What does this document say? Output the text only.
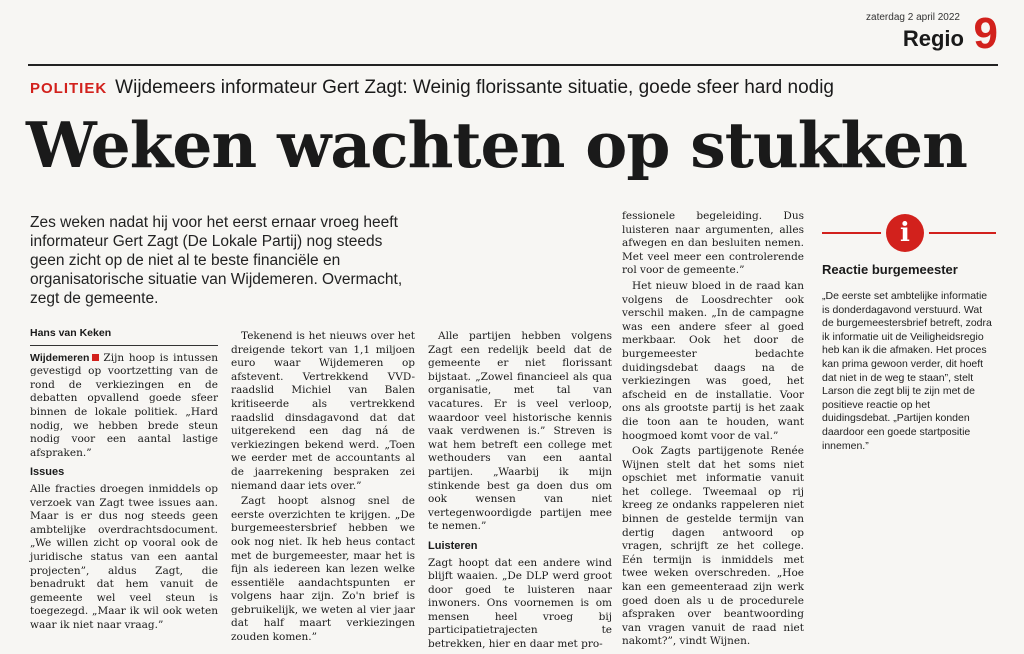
zaterdag 2 april 2022
Regio 9
POLITIEK Wijdemeers informateur Gert Zagt: Weinig florissante situatie, goede sfeer hard nodig
Weken wachten op stukken
Zes weken nadat hij voor het eerst ernaar vroeg heeft informateur Gert Zagt (De Lokale Partij) nog steeds geen zicht op de niet al te beste financiële en organisatorische situatie van Wijdemeren. Overmacht, zegt de gemeente.
Hans van Keken

Wijdemeren Zijn hoop is intussen gevestigd op voortzetting van de rond de verkiezingen en de debatten opvallend goede sfeer binnen de lokale politiek. „Hard nodig, we hebben brede steun nodig voor een aantal lastige afspraken.”

Issues

Alle fracties droegen inmiddels op verzoek van Zagt twee issues aan. Maar is er dus nog steeds geen ambtelijke overdrachtsdocument. „We willen zicht op vooral ook de juridische status van een aantal projecten”, aldus Zagt, die benadrukt dat hem vanuit de gemeente wel veel steun is toegezegd. „Maar ik wil ook weten waar ik niet naar vraag.”

Tekenend is het nieuws over het dreigende tekort van 1,1 miljoen euro waar Wijdemeren op afstevent. Vertrekkend VVD-raadslid Michiel van Balen kritiseerde als vertrekkend raadslid dinsdagavond dat dat uitgerekend een dag ná de verkiezingen bekend werd. „Toen we eerder met de accountants al de jaarrekening bespraken zei niemand daar iets over.”

Zagt hoopt alsnog snel de eerste overzichten te krijgen. „De burgemeestersbrief hebben we ook nog niet. Ik heb heus contact met de burgemeester, maar het is fijn als iedereen kan lezen welke essentiële aandachtspunten er volgens haar zijn. Zo'n brief is gebruikelijk, we weten al vier jaar dat half maart verkiezingen zouden komen.”

Alle partijen hebben volgens Zagt een redelijk beeld dat de gemeente er niet florissant bijstaat. „Zowel financieel als qua organisatie, met tal van vacatures. Er is veel verloop, waardoor veel historische kennis vaak verdwenen is.” Streven is wat hem betreft een college met wethouders van een aantal partijen. „Waarbij ik mijn stinkende best ga doen dus om ook wensen van niet vertegenwoordigde partijen mee te nemen.”

Luisteren

Zagt hoopt dat een andere wind blijft waaien. „De DLP werd groot door goed te luisteren naar inwoners. Ons voornemen is om mensen heel vroeg bij participatietrajecten te betrekken, hier en daar met pro-

fessionele begeleiding. Dus luisteren naar argumenten, alles afwegen en dan besluiten nemen. Met veel meer een controlerende rol voor de gemeente.”

Het nieuw bloed in de raad kan volgens de Loosdrechter ook verschil maken. „In de campagne was een andere sfeer al goed merkbaar. Ook het door de burgemeester bedachte duidingsdebat daags na de verkiezingen was goed, het afscheid en de installatie. Voor ons als grootste partij is het zaak die toon aan te houden, want hoogmoed komt voor de val.”

Ook Zagts partijgenote Renée Wijnen stelt dat het soms niet opschiet met informatie vanuit het college. Tweemaal op rij kreeg ze ondanks rappeleren niet binnen de gestelde termijn van dertig dagen antwoord op vragen, schrijft ze het college. Eén termijn is inmiddels met twee weken overschreden. „Hoe kan een gemeenteraad zijn werk goed doen als u de procedurele afspraken over beantwoording van vragen vanuit de raad niet nakomt?”, vindt Wijnen.

i
Reactie burgemeester
„De eerste set ambtelijke informatie is donderdagavond verstuurd. Wat de burgemeestersbrief betreft, zodra ik informatie uit de Veiligheidsregio heb kan ik die afmaken. Het proces kan prima gewoon verder, dit hoeft dat niet in de weg te staan”, stelt Larson die zegt blij te zijn met de positieve reactie op het duidingsdebat. „Partijen konden daardoor een goede startpositie innemen.”
